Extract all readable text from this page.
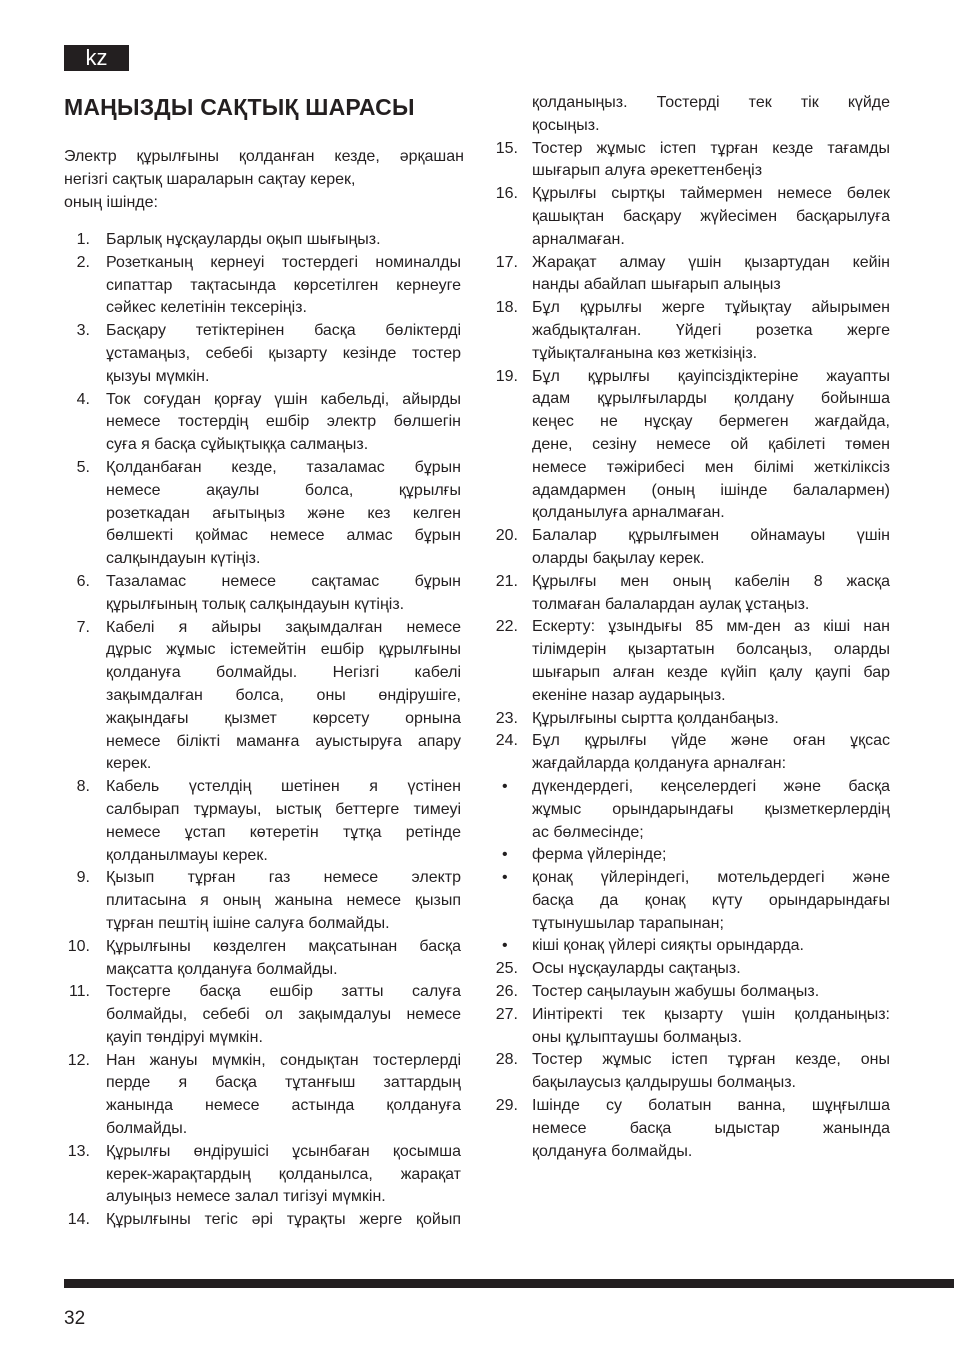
kz
МАҢЫЗДЫ САҚТЫҚ ШАРАСЫ
Электр құрылғыны қолданған кезде, әрқашан
негізгі сақтық шараларын сақтау керек,
оның ішінде:
1. Барлық нұсқауларды оқып шығыңыз.
2. Розетканың кернеуі тостердегі номиналды
сипаттар тақтасында көрсетілген кернеуге
сәйкес келетінін тексеріңіз.
3. Басқару тетіктерінен басқа бөліктерді
ұстамаңыз, себебі қызарту кезінде тостер
қызуы мүмкін.
4. Ток соғудан қорғау үшін кабельді, айырды
немесе тостердің ешбір электр бөлшегін
суға я басқа сұйықтыққа салмаңыз.
5. Қолданбаған кезде, тазаламас бұрын
немесе ақаулы болса, құрылғы
розеткадан ағытыңыз және кез келген
бөлшекті қоймас немесе алмас бұрын
салқындауын күтіңіз.
6. Тазаламас немесе сақтамас бұрын
құрылғының толық салқындауын күтіңіз.
7. Кабелі я айыры зақымдалған немесе
дұрыс жұмыс істемейтін ешбір құрылғыны
қолдануға болмайды. Негізгі кабелі
зақымдалған болса, оны өндірушіге,
жақындағы қызмет көрсету орнына
немесе білікті маманға ауыстыруға апару
керек.
8. Кабель үстелдің шетінен я үстінен
салбырап тұрмауы, ыстық беттерге тимеуі
немесе ұстап көтеретін тұтқа ретінде
қолданылмауы керек.
9. Қызып тұрған газ немесе электр
плитасына я оның жанына немесе қызып
тұрған пештің ішіне салуға болмайды.
10. Құрылғыны көзделген мақсатынан басқа
мақсатта қолдануға болмайды.
11. Тостерге басқа ешбір затты салуға
болмайды, себебі ол зақымдалуы немесе
қауіп төндіруі мүмкін.
12. Нан жануы мүмкін, сондықтан тостерлерді
перде я басқа тұтанғыш заттардың
жанында немесе астында қолдануға
болмайды.
13. Құрылғы өндірушісі ұсынбаған қосымша
керек-жарақтардың қолданылса, жарақат
алуыңыз немесе залал тигізуі мүмкін.
14. Құрылғыны тегіс әрі тұрақты жерге қойып
қолданыңыз. Тостерді тек тік күйде
қосыңыз.
15. Тостер жұмыс істеп тұрған кезде тағамды
шығарып алуға әрекеттенбеңіз
16. Құрылғы сыртқы таймермен немесе бөлек
қашықтан басқару жүйесімен басқарылуға
арналмаған.
17. Жарақат алмау үшін қызартудан кейін
нанды абайлап шығарып алыңыз
18. Бұл құрылғы жерге тұйықтау айырымен
жабдықталған. Үйдегі розетка жерге
тұйықталғанына көз жеткізіңіз.
19. Бұл құрылғы қауіпсіздіктеріне жауапты
адам құрылғыларды қолдану бойынша
кеңес не нұсқау бермеген жағдайда,
дене, сезіну немесе ой қабілеті төмен
немесе тәжірибесі мен білімі жеткіліксіз
адамдармен (оның ішінде балалармен)
қолданылуға арналмаған.
20. Балалар құрылғымен ойнамауы үшін
оларды бақылау керек.
21. Құрылғы мен оның кабелін 8 жасқа
толмаған балалардан аулақ ұстаңыз.
22. Ескерту: ұзындығы 85 мм-ден аз кіші нан
тілімдерін қызартатын болсаңыз, оларды
шығарып алған кезде күйіп қалу қаупі бар
екеніне назар аударыңыз.
23. Құрылғыны сыртта қолданбаңыз.
24. Бұл құрылғы үйде және оған ұқсас
жағдайларда қолдануға арналған:
• дүкендердегі, кеңселердегі және басқа
жұмыс орындарындағы қызметкерлердің
ас бөлмесінде;
• ферма үйлерінде;
• қонақ үйлеріндегі, мотельдердегі және
басқа да қонақ күту орындарындағы
тұтынушылар тарапынан;
• кіші қонақ үйлері сияқты орындарда.
25. Осы нұсқауларды сақтаңыз.
26. Тостер саңылауын жабушы болмаңыз.
27. Иінтіректі тек қызарту үшін қолданыңыз:
оны құлыптаушы болмаңыз.
28. Тостер жұмыс істеп тұрған кезде, оны
бақылаусыз қалдырушы болмаңыз.
29. Ішінде су болатын ванна, шұңғылша
немесе басқа ыдыстар жанында
қолдануға болмайды.
32
